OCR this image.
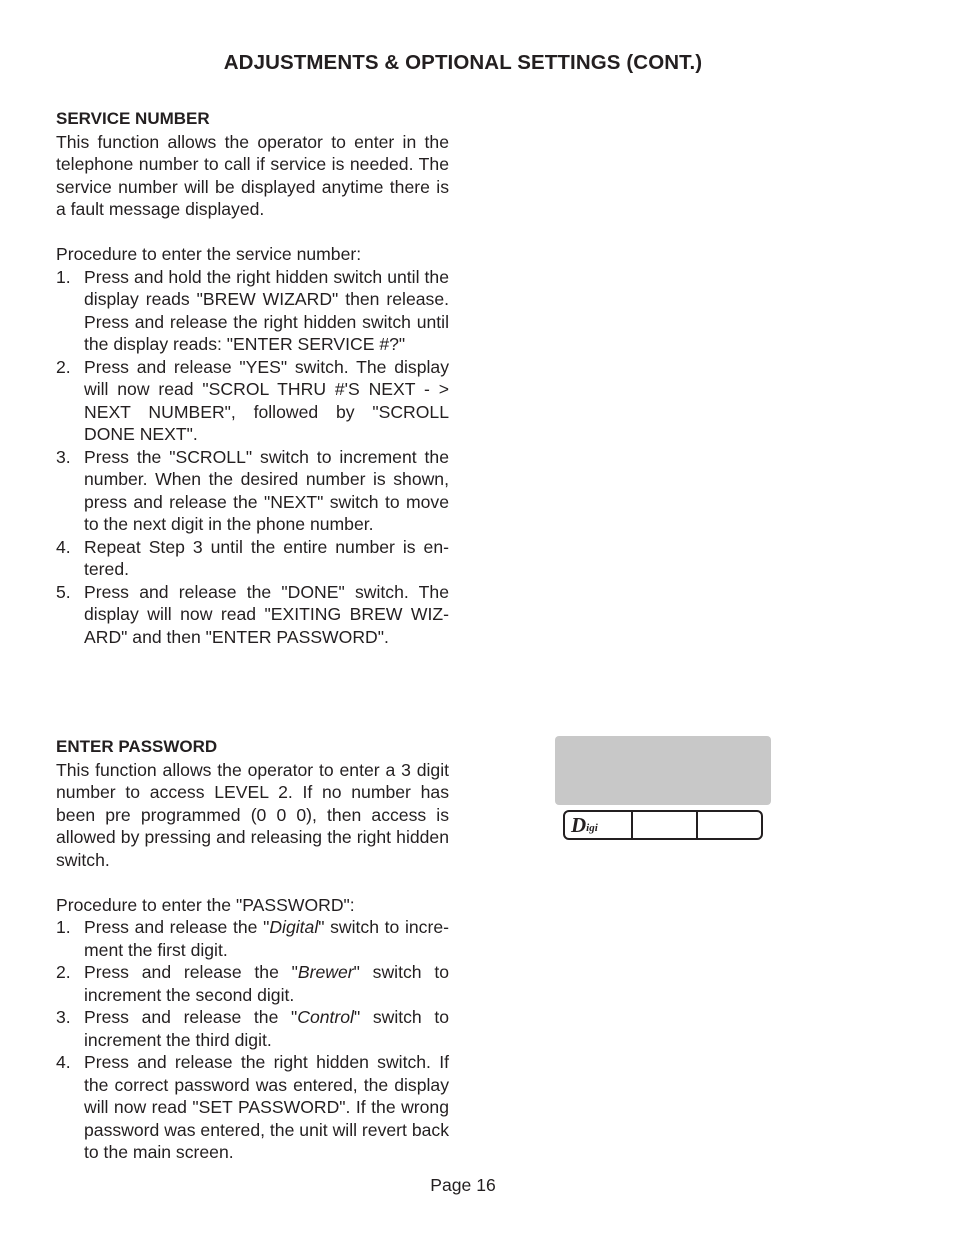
ADJUSTMENTS & OPTIONAL SETTINGS (CONT.)
SERVICE NUMBER

This function allows the operator to enter in the telephone number to call if service is needed. The service number will be displayed anytime there is a fault message displayed.

Procedure to enter the service number:

1. Press and hold the right hidden switch until the display reads "BREW WIZARD" then release. Press and release the right hidden switch until the display reads: "ENTER SERVICE #?"
2. Press and release "YES" switch. The display will now read "SCROL THRU #'S NEXT - > NEXT NUMBER", followed by "SCROLL DONE NEXT".
3. Press the "SCROLL" switch to increment the number. When the desired number is shown, press and release the "NEXT" switch to move to the next digit in the phone number.
4. Repeat Step 3 until the entire number is en-tered.
5. Press and release the "DONE" switch. The display will now read "EXITING BREW WIZ-ARD" and then "ENTER PASSWORD".
ENTER PASSWORD

This function allows the operator to enter a 3 digit number to access LEVEL 2. If no number has been pre programmed (0 0 0), then access is allowed by pressing and releasing the right hidden switch.

Procedure to enter the "PASSWORD":

1. Press and release the "Digital" switch to incre-ment the first digit.
2. Press and release the "Brewer" switch to increment the second digit.
3. Press and release the "Control" switch to increment the third digit.
4. Press and release the right hidden switch. If the correct password was entered, the display will now read "SET PASSWORD". If the wrong password was entered, the unit will revert back to the main screen.
D igi
Page 16
